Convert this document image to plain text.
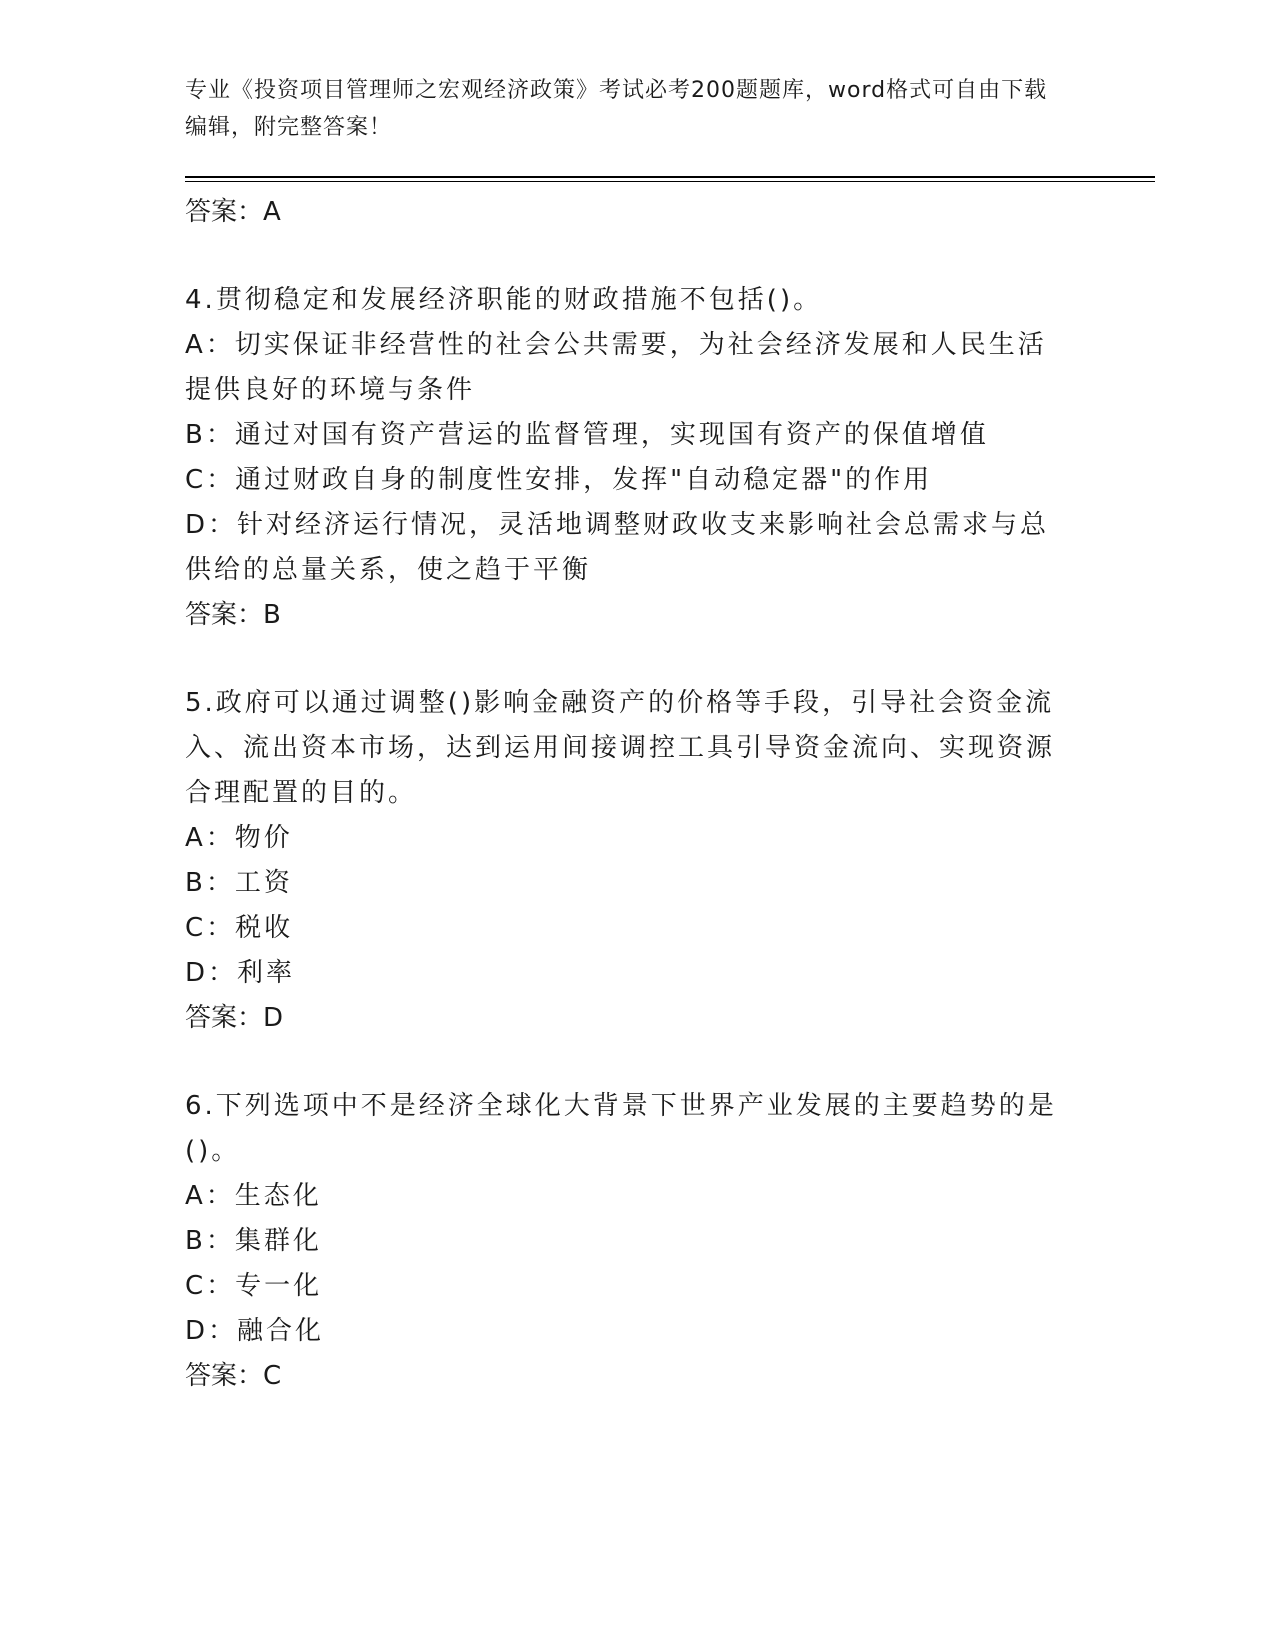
专业《投资项目管理师之宏观经济政策》考试必考200题题库，word格式可自由下载编辑，附完整答案！

答案：A

4.贯彻稳定和发展经济职能的财政措施不包括()。

A：切实保证非经营性的社会公共需要，为社会经济发展和人民生活提供良好的环境与条件

B：通过对国有资产营运的监督管理，实现国有资产的保值增值

C：通过财政自身的制度性安排，发挥"自动稳定器"的作用

D：针对经济运行情况，灵活地调整财政收支来影响社会总需求与总供给的总量关系，使之趋于平衡

答案：B

5.政府可以通过调整()影响金融资产的价格等手段，引导社会资金流入、流出资本市场，达到运用间接调控工具引导资金流向、实现资源合理配置的目的。

A：物价

B：工资

C：税收

D：利率

答案：D

6.下列选项中不是经济全球化大背景下世界产业发展的主要趋势的是()。

A：生态化

B：集群化

C：专一化

D：融合化

答案：C
